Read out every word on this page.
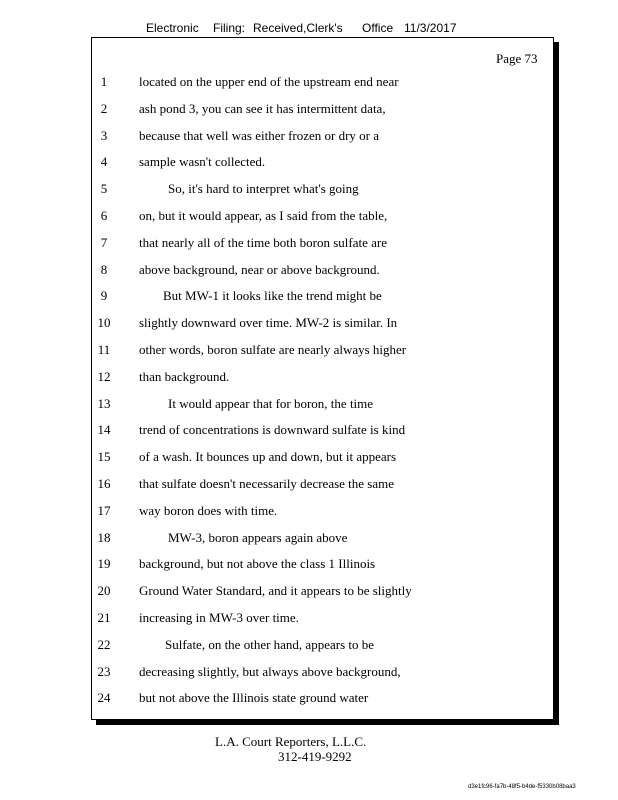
Electronic Filing: Received,Clerk's Office 11/3/2017
Page 73
1	located on the upper end of the upstream end near
2	ash pond 3, you can see it has intermittent data,
3	because that well was either frozen or dry or a
4	sample wasn't collected.
5	So, it's hard to interpret what's going
6	on, but it would appear, as I said from the table,
7	that nearly all of the time both boron sulfate are
8	above background, near or above background.
9	But MW-1 it looks like the trend might be
10	slightly downward over time. MW-2 is similar. In
11	other words, boron sulfate are nearly always higher
12	than background.
13	It would appear that for boron, the time
14	trend of concentrations is downward sulfate is kind
15	of a wash. It bounces up and down, but it appears
16	that sulfate doesn't necessarily decrease the same
17	way boron does with time.
18	MW-3, boron appears again above
19	background, but not above the class 1 Illinois
20	Ground Water Standard, and it appears to be slightly
21	increasing in MW-3 over time.
22	Sulfate, on the other hand, appears to be
23	decreasing slightly, but always above background,
24	but not above the Illinois state ground water
L.A. Court Reporters, L.L.C.
312-419-9292
d3e1fc96-fa7b-48f5-b4de-f5330b08baa3
